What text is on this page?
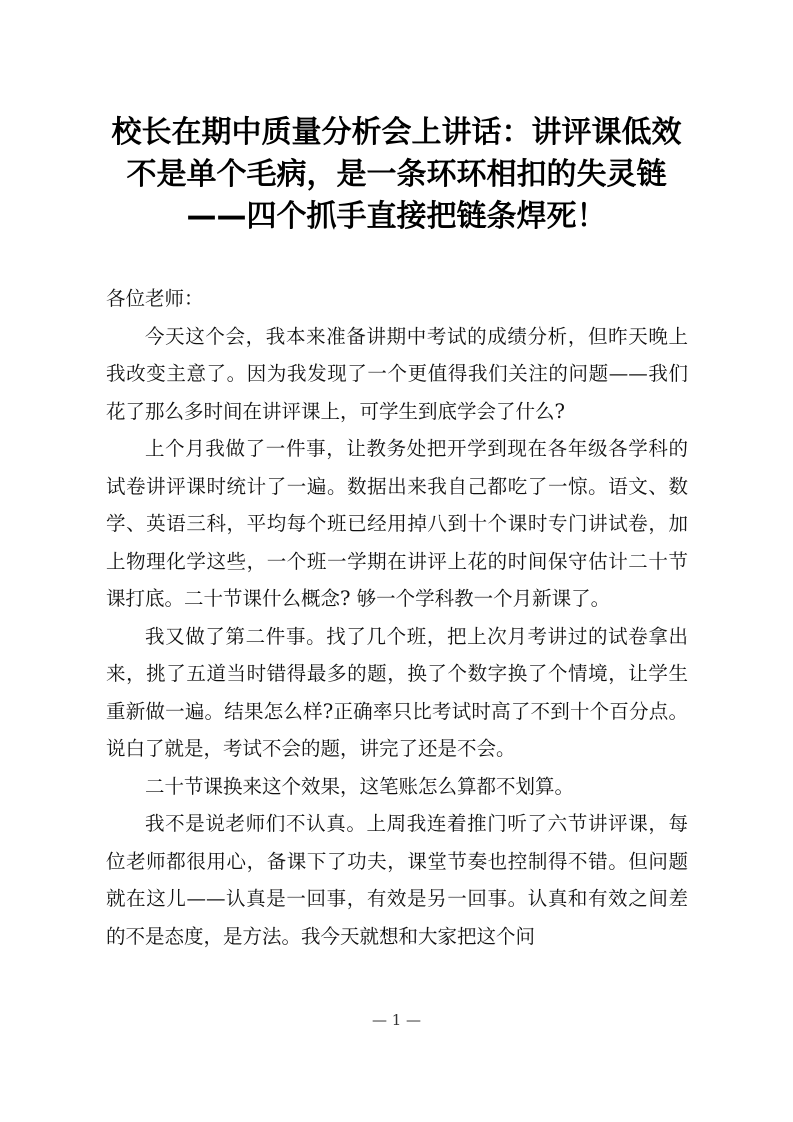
校长在期中质量分析会上讲话：讲评课低效不是单个毛病，是一条环环相扣的失灵链——四个抓手直接把链条焊死！

各位老师：

今天这个会，我本来准备讲期中考试的成绩分析，但昨天晚上我改变主意了。因为我发现了一个更值得我们关注的问题——我们花了那么多时间在讲评课上，可学生到底学会了什么?

上个月我做了一件事，让教务处把开学到现在各年级各学科的试卷讲评课时统计了一遍。数据出来我自己都吃了一惊。语文、数学、英语三科，平均每个班已经用掉八到十个课时专门讲试卷，加上物理化学这些，一个班一学期在讲评上花的时间保守估计二十节课打底。二十节课什么概念? 够一个学科教一个月新课了。

我又做了第二件事。找了几个班，把上次月考讲过的试卷拿出来，挑了五道当时错得最多的题，换了个数字换了个情境，让学生重新做一遍。结果怎么样?正确率只比考试时高了不到十个百分点。说白了就是，考试不会的题，讲完了还是不会。

二十节课换来这个效果，这笔账怎么算都不划算。

我不是说老师们不认真。上周我连着推门听了六节讲评课，每位老师都很用心，备课下了功夫，课堂节奏也控制得不错。但问题就在这儿——认真是一回事，有效是另一回事。认真和有效之间差的不是态度，是方法。我今天就想和大家把这个问

— 1 —
